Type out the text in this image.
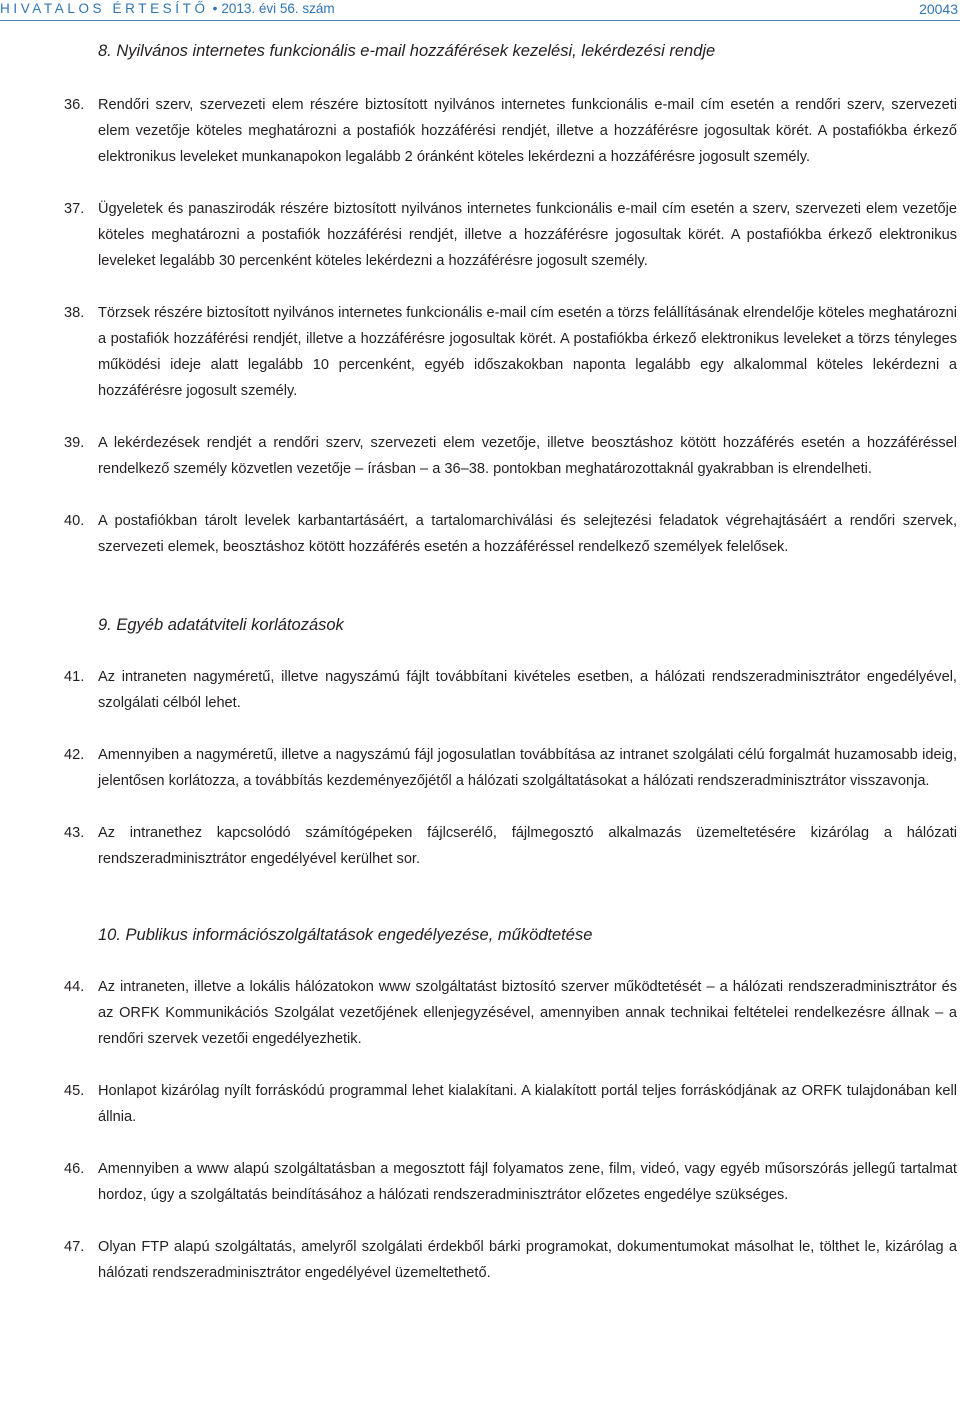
HIVATALOS ÉRTESÍTŐ • 2013. évi 56. szám	20043
8. Nyilvános internetes funkcionális e-mail hozzáférések kezelési, lekérdezési rendje
36. Rendőri szerv, szervezeti elem részére biztosított nyilvános internetes funkcionális e-mail cím esetén a rendőri szerv, szervezeti elem vezetője köteles meghatározni a postafiók hozzáférési rendjét, illetve a hozzáférésre jogosultak körét. A postafiókba érkező elektronikus leveleket munkanapokon legalább 2 óránként köteles lekérdezni a hozzáférésre jogosult személy.

37. Ügyeletek és panaszirodák részére biztosított nyilvános internetes funkcionális e-mail cím esetén a szerv, szervezeti elem vezetője köteles meghatározni a postafiók hozzáférési rendjét, illetve a hozzáférésre jogosultak körét. A postafiókba érkező elektronikus leveleket legalább 30 percenként köteles lekérdezni a hozzáférésre jogosult személy.

38. Törzsek részére biztosított nyilvános internetes funkcionális e-mail cím esetén a törzs felállításának elrendelője köteles meghatározni a postafiók hozzáférési rendjét, illetve a hozzáférésre jogosultak körét. A postafiókba érkező elektronikus leveleket a törzs tényleges működési ideje alatt legalább 10 percenként, egyéb időszakokban naponta legalább egy alkalommal köteles lekérdezni a hozzáférésre jogosult személy.

39. A lekérdezések rendjét a rendőri szerv, szervezeti elem vezetője, illetve beosztáshoz kötött hozzáférés esetén a hozzáféréssel rendelkező személy közvetlen vezetője – írásban – a 36–38. pontokban meghatározottaknál gyakrabban is elrendelheti.

40. A postafiókban tárolt levelek karbantartásáért, a tartalomarchiválási és selejtezési feladatok végrehajtásáért a rendőri szervek, szervezeti elemek, beosztáshoz kötött hozzáférés esetén a hozzáféréssel rendelkező személyek felelősek.

9. Egyéb adatátviteli korlátozások
41. Az intraneten nagyméretű, illetve nagyszámú fájlt továbbítani kivételes esetben, a hálózati rendszeradminisztrátor engedélyével, szolgálati célból lehet.

42. Amennyiben a nagyméretű, illetve a nagyszámú fájl jogosulatlan továbbítása az intranet szolgálati célú forgalmát huzamosabb ideig, jelentősen korlátozza, a továbbítás kezdeményezőjétől a hálózati szolgáltatásokat a hálózati rendszeradminisztrátor visszavonja.

43. Az intranethez kapcsolódó számítógépeken fájlcserélő, fájlmegosztó alkalmazás üzemeltetésére kizárólag a hálózati rendszeradminisztrátor engedélyével kerülhet sor.

10. Publikus információszolgáltatások engedélyezése, működtetése
44. Az intraneten, illetve a lokális hálózatokon www szolgáltatást biztosító szerver működtetését – a hálózati rendszeradminisztrátor és az ORFK Kommunikációs Szolgálat vezetőjének ellenjegyzésével, amennyiben annak technikai feltételei rendelkezésre állnak – a rendőri szervek vezetői engedélyezhetik.

45. Honlapot kizárólag nyílt forráskódú programmal lehet kialakítani. A kialakított portál teljes forráskódjának az ORFK tulajdonában kell állnia.

46. Amennyiben a www alapú szolgáltatásban a megosztott fájl folyamatos zene, film, videó, vagy egyéb műsorszórás jellegű tartalmat hordoz, úgy a szolgáltatás beindításához a hálózati rendszeradminisztrátor előzetes engedélye szükséges.

47. Olyan FTP alapú szolgáltatás, amelyről szolgálati érdekből bárki programokat, dokumentumokat másolhat le, tölthet le, kizárólag a hálózati rendszeradminisztrátor engedélyével üzemeltethető.
